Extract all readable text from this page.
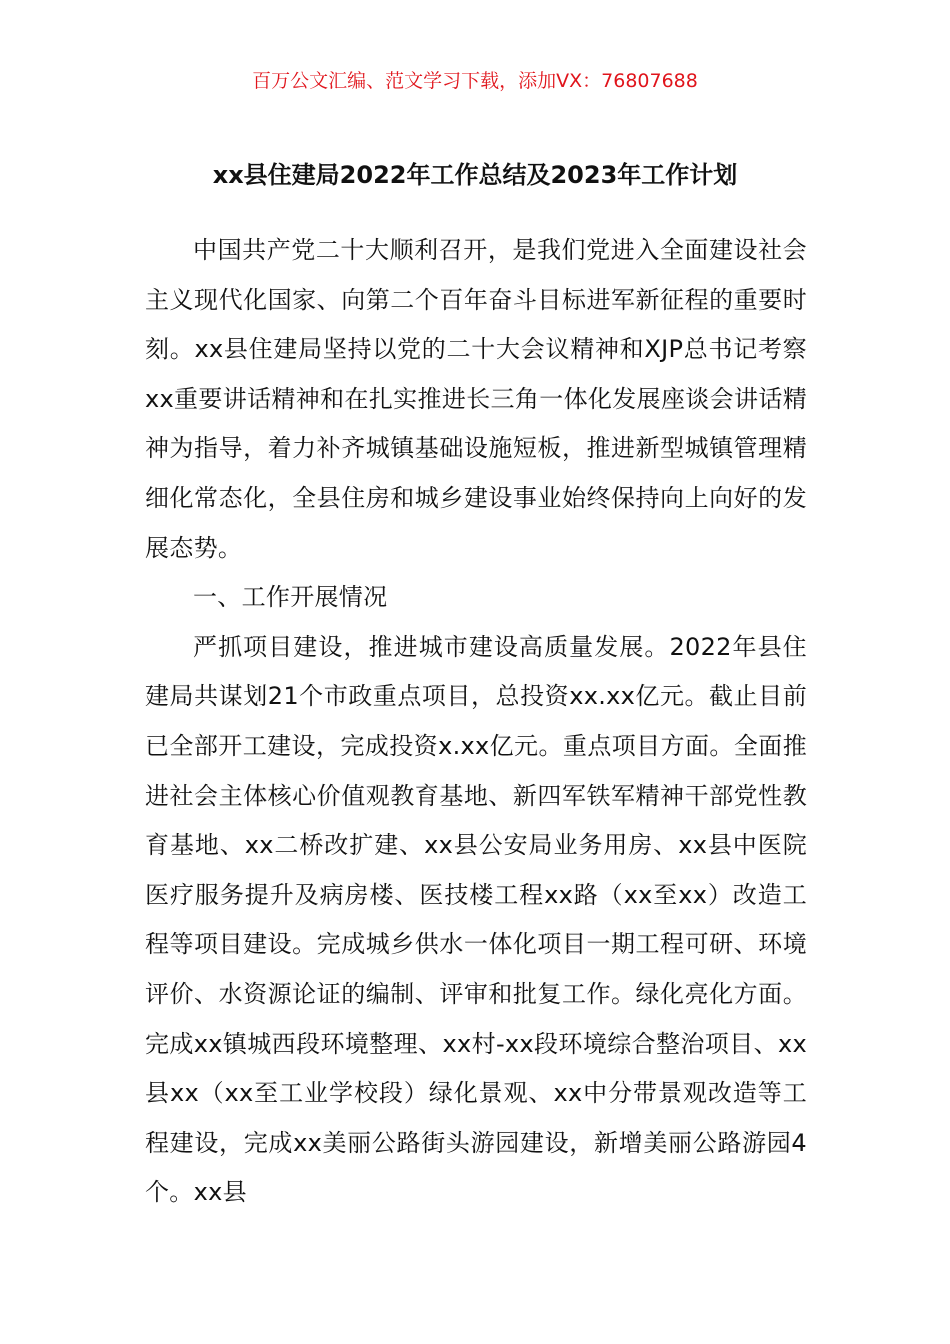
百万公文汇编、范文学习下载，添加VX：76807688
xx县住建局2022年工作总结及2023年工作计划

中国共产党二十大顺利召开，是我们党进入全面建设社会主义现代化国家、向第二个百年奋斗目标进军新征程的重要时刻。xx县住建局坚持以党的二十大会议精神和XJP总书记考察xx重要讲话精神和在扎实推进长三角一体化发展座谈会讲话精神为指导，着力补齐城镇基础设施短板，推进新型城镇管理精细化常态化，全县住房和城乡建设事业始终保持向上向好的发展态势。

一、工作开展情况

严抓项目建设，推进城市建设高质量发展。2022年县住建局共谋划21个市政重点项目，总投资xx.xx亿元。截止目前已全部开工建设，完成投资x.xx亿元。重点项目方面。全面推进社会主体核心价值观教育基地、新四军铁军精神干部党性教育基地、xx二桥改扩建、xx县公安局业务用房、xx县中医院医疗服务提升及病房楼、医技楼工程xx路（xx至xx）改造工程等项目建设。完成城乡供水一体化项目一期工程可研、环境评价、水资源论证的编制、评审和批复工作。绿化亮化方面。完成xx镇城西段环境整理、xx村-xx段环境综合整治项目、xx县xx（xx至工业学校段）绿化景观、xx中分带景观改造等工程建设，完成xx美丽公路街头游园建设，新增美丽公路游园4个。xx县
